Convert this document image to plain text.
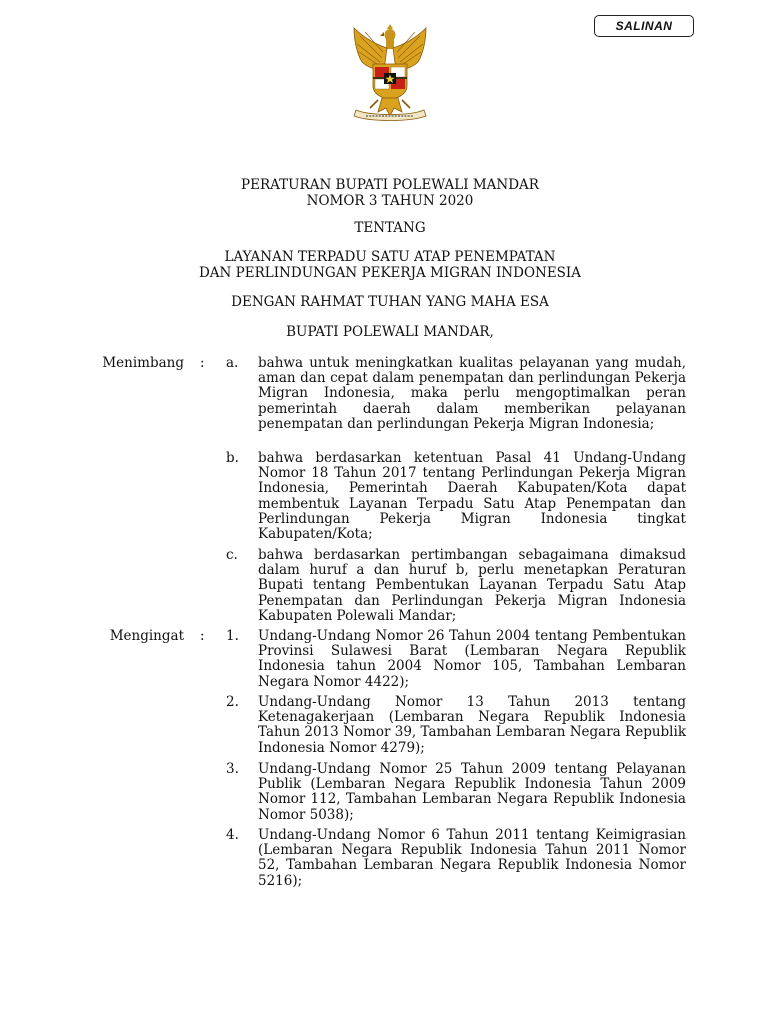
SALINAN
PERATURAN BUPATI POLEWALI MANDAR
NOMOR 3 TAHUN 2020
TENTANG
LAYANAN TERPADU SATU ATAP PENEMPATAN
DAN PERLINDUNGAN PEKERJA MIGRAN INDONESIA
DENGAN RAHMAT TUHAN YANG MAHA ESA
BUPATI POLEWALI MANDAR,
Menimbang : a. bahwa untuk meningkatkan kualitas pelayanan yang mudah, aman dan cepat dalam penempatan dan perlindungan Pekerja Migran Indonesia, maka perlu mengoptimalkan peran pemerintah daerah dalam memberikan pelayanan penempatan dan perlindungan Pekerja Migran Indonesia;
b. bahwa berdasarkan ketentuan Pasal 41 Undang-Undang Nomor 18 Tahun 2017 tentang Perlindungan Pekerja Migran Indonesia, Pemerintah Daerah Kabupaten/Kota dapat membentuk Layanan Terpadu Satu Atap Penempatan dan Perlindungan Pekerja Migran Indonesia tingkat Kabupaten/Kota;
c. bahwa berdasarkan pertimbangan sebagaimana dimaksud dalam huruf a dan huruf b, perlu menetapkan Peraturan Bupati tentang Pembentukan Layanan Terpadu Satu Atap Penempatan dan Perlindungan Pekerja Migran Indonesia Kabupaten Polewali Mandar;
Mengingat : 1. Undang-Undang Nomor 26 Tahun 2004 tentang Pembentukan Provinsi Sulawesi Barat (Lembaran Negara Republik Indonesia tahun 2004 Nomor 105, Tambahan Lembaran Negara Nomor 4422);
2. Undang-Undang Nomor 13 Tahun 2013 tentang Ketenagakerjaan (Lembaran Negara Republik Indonesia Tahun 2013 Nomor 39, Tambahan Lembaran Negara Republik Indonesia Nomor 4279);
3. Undang-Undang Nomor 25 Tahun 2009 tentang Pelayanan Publik (Lembaran Negara Republik Indonesia Tahun 2009 Nomor 112, Tambahan Lembaran Negara Republik Indonesia Nomor 5038);
4. Undang-Undang Nomor 6 Tahun 2011 tentang Keimigrasian (Lembaran Negara Republik Indonesia Tahun 2011 Nomor 52, Tambahan Lembaran Negara Republik Indonesia Nomor 5216);
